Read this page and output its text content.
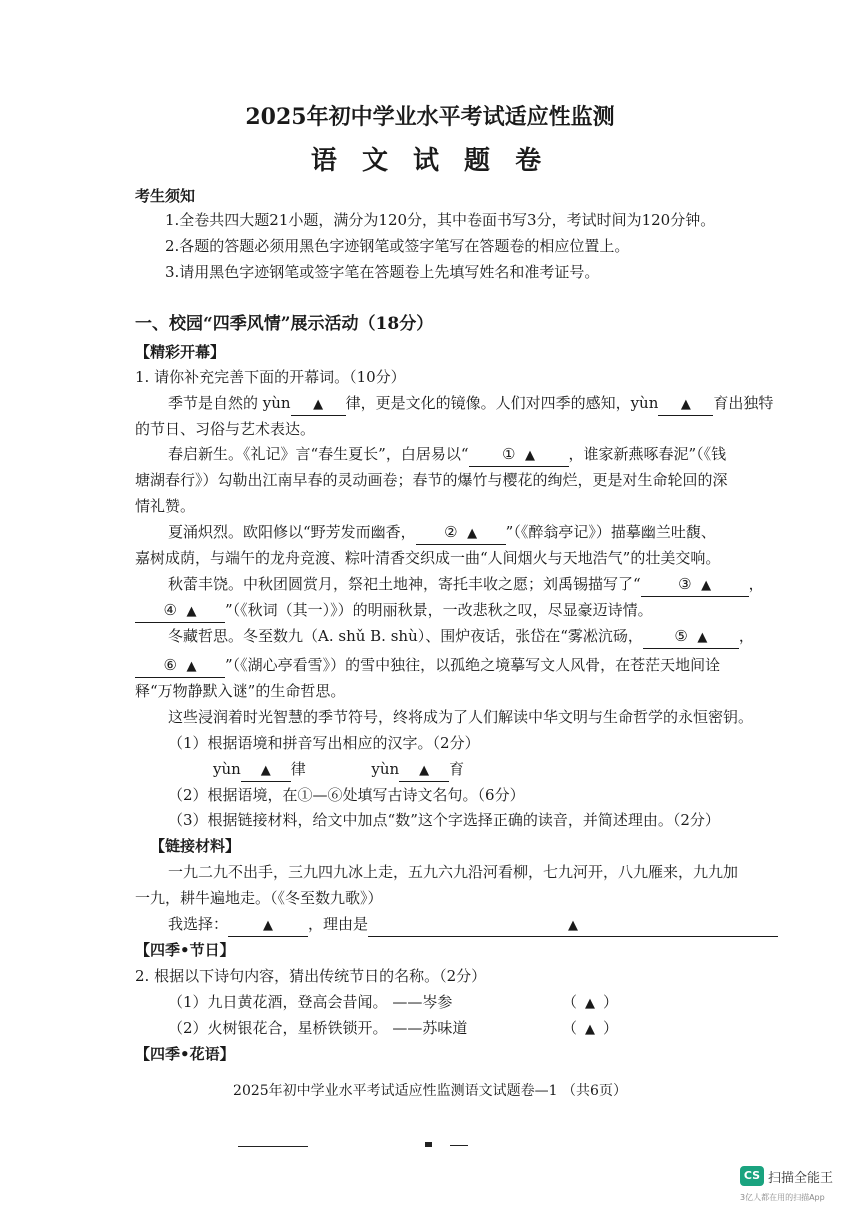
2025年初中学业水平考试适应性监测
语 文 试 题 卷
考生须知
1.全卷共四大题21小题，满分为120分，其中卷面书写3分，考试时间为120分钟。
2.各题的答题必须用黑色字迹钢笔或签字笔写在答题卷的相应位置上。
3.请用黑色字迹钢笔或签字笔在答题卷上先填写姓名和准考证号。
一、校园“四季风情”展示活动（18分）
【精彩开幕】
1. 请你补充完善下面的开幕词。（10分）
季节是自然的 yùn ▲ 律，更是文化的镜像。人们对四季的感知，yùn ▲ 育出独特
的节日、习俗与艺术表达。
春启新生。《礼记》言“春生夏长”，白居易以“ ① ▲ ，谁家新燕啄春泥”（《钱
塘湖春行》）勾勒出江南早春的灵动画卷；春节的爆竹与樱花的绚烂，更是对生命轮回的深
情礼赞。
夏涌炽烈。欧阳修以“野芳发而幽香， ② ▲ ”（《醉翁亭记》）描摹幽兰吐馥、
嘉树成荫，与端午的龙舟竞渡、粽叶清香交织成一曲“人间烟火与天地浩气”的壮美交响。
秋蕾丰饶。中秋团圆赏月，祭祀土地神，寄托丰收之愿；刘禹锡描写了“	③ ▲	，
④ ▲ ”（《秋词（其一）》）的明丽秋景，一改悲秋之叹，尽显豪迈诗情。
冬藏哲思。冬至数九（A. shǔ B. shù）、围炉夜话，张岱在“雾凇沆砀， ⑤ ▲ ，
⑥ ▲ ”（《湖心亭看雪》）的雪中独往，以孤绝之境摹写文人风骨，在苍茫天地间诠
释“万物静默入谜”的生命哲思。
这些浸润着时光智慧的季节符号，终将成为了人们解读中华文明与生命哲学的永恒密钥。
（1）根据语境和拼音写出相应的汉字。（2分）
yùn ▲ 律	yùn ▲ 育
（2）根据语境，在①—⑥处填写古诗文名句。（6分）
（3）根据链接材料，给文中加点“数”这个字选择正确的读音，并简述理由。（2分）
【链接材料】
一九二九不出手，三九四九冰上走，五九六九沿河看柳，七九河开，八九雁来，九九加
一九，耕牛遍地走。（《冬至数九歌》）
我选择：	▲ ，理由是	▲
【四季•节日】
2. 根据以下诗句内容，猜出传统节日的名称。（2分）
（1）九日黄花酒，登高会昔闻。 ——岑参	（ ▲ ）
（2）火树银花合，星桥铁锁开。 ——苏味道	（ ▲ ）
【四季•花语】
2025年初中学业水平考试适应性监测语文试题卷—1 （共6页）
CS 扫描全能王
3亿人都在用的扫描App
